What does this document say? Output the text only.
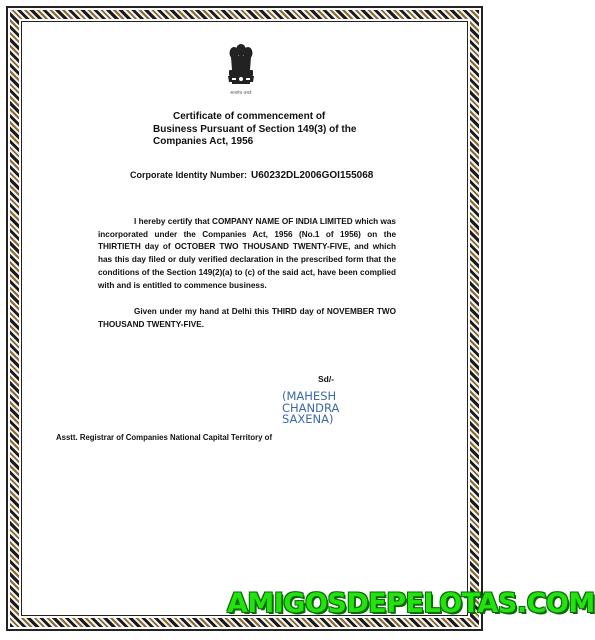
सत्यमेव जयते
Certificate of commencement of
Business Pursuant of Section 149(3) of the
Companies Act, 1956
Corporate Identity Number: U60232DL2006GOI155068
I hereby certify that COMPANY NAME OF INDIA LIMITED which was incorporated under the Companies Act, 1956 (No.1 of 1956) on the THIRTIETH day of OCTOBER TWO THOUSAND TWENTY-FIVE, and which has this day filed or duly verified declaration in the prescribed form that the conditions of the Section 149(2)(a) to (c) of the said act, have been complied with and is entitled to commence business.
Given under my hand at Delhi this THIRD day of NOVEMBER TWO THOUSAND TWENTY-FIVE.
Sd/-
(MAHESH
CHANDRA
SAXENA)
Asstt. Registrar of Companies National Capital Territory of
AMIGOSDEPELOTAS.COM
